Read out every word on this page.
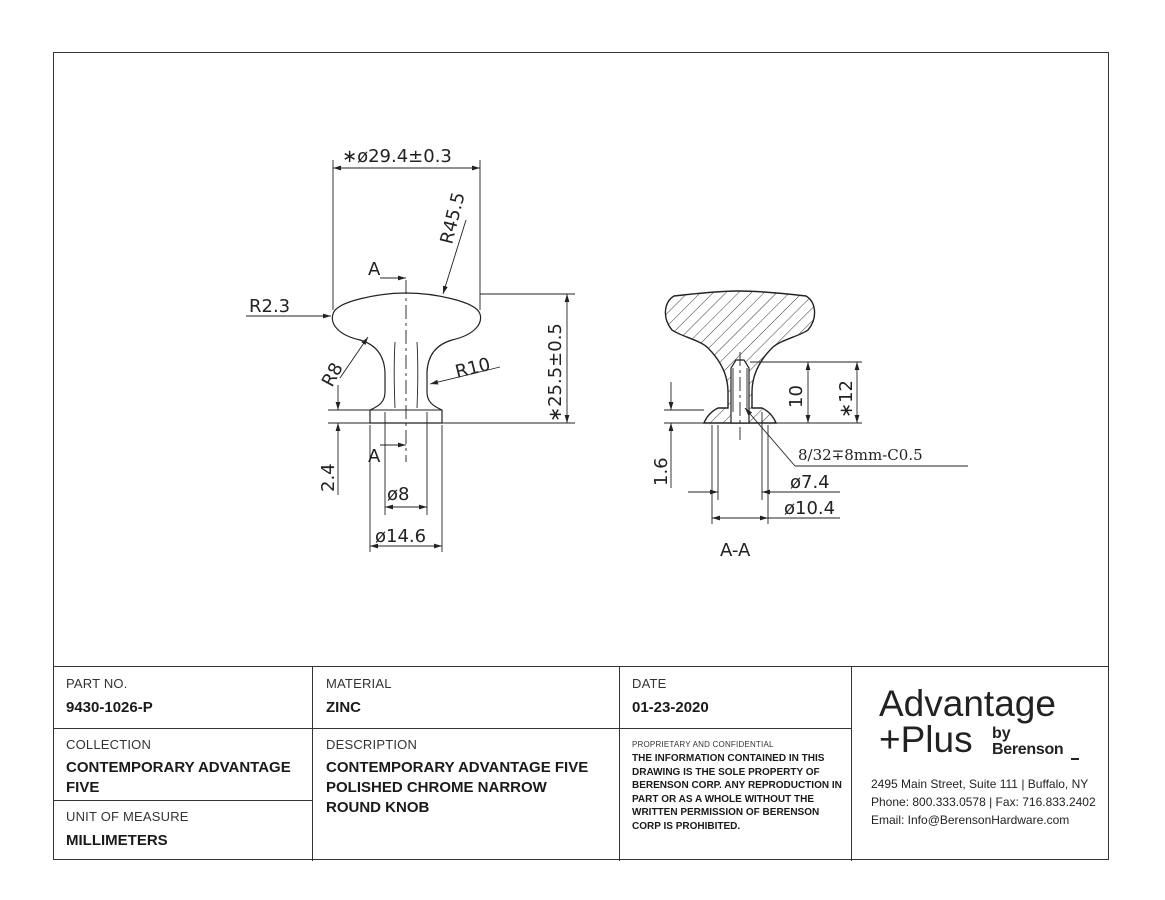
A
A
∗ø29.4±0.3
R45.5
R2.3
R8	R10	∗25.5±0.5
2.4
ø8
ø14.6
1.6
10 ∗12
8/32∓8mm-C0.5
ø7.4
ø10.4
A-A
PART NO.
9430-1026-P
COLLECTION
CONTEMPORARY ADVANTAGE FIVE
UNIT OF MEASURE
MILLIMETERS
MATERIAL
ZINC
DESCRIPTION
CONTEMPORARY ADVANTAGE FIVE POLISHED CHROME NARROW ROUND KNOB
DATE
01-23-2020
PROPRIETARY AND CONFIDENTIAL
THE INFORMATION CONTAINED IN THIS DRAWING IS THE SOLE PROPERTY OF BERENSON CORP. ANY REPRODUCTION IN PART OR AS A WHOLE WITHOUT THE WRITTEN PERMISSION OF BERENSON CORP IS PROHIBITED.
Advantage
+Plus by
Berenson
2495 Main Street, Suite 111 | Buffalo, NY
Phone: 800.333.0578 | Fax: 716.833.2402
Email: Info@BerensonHardware.com
